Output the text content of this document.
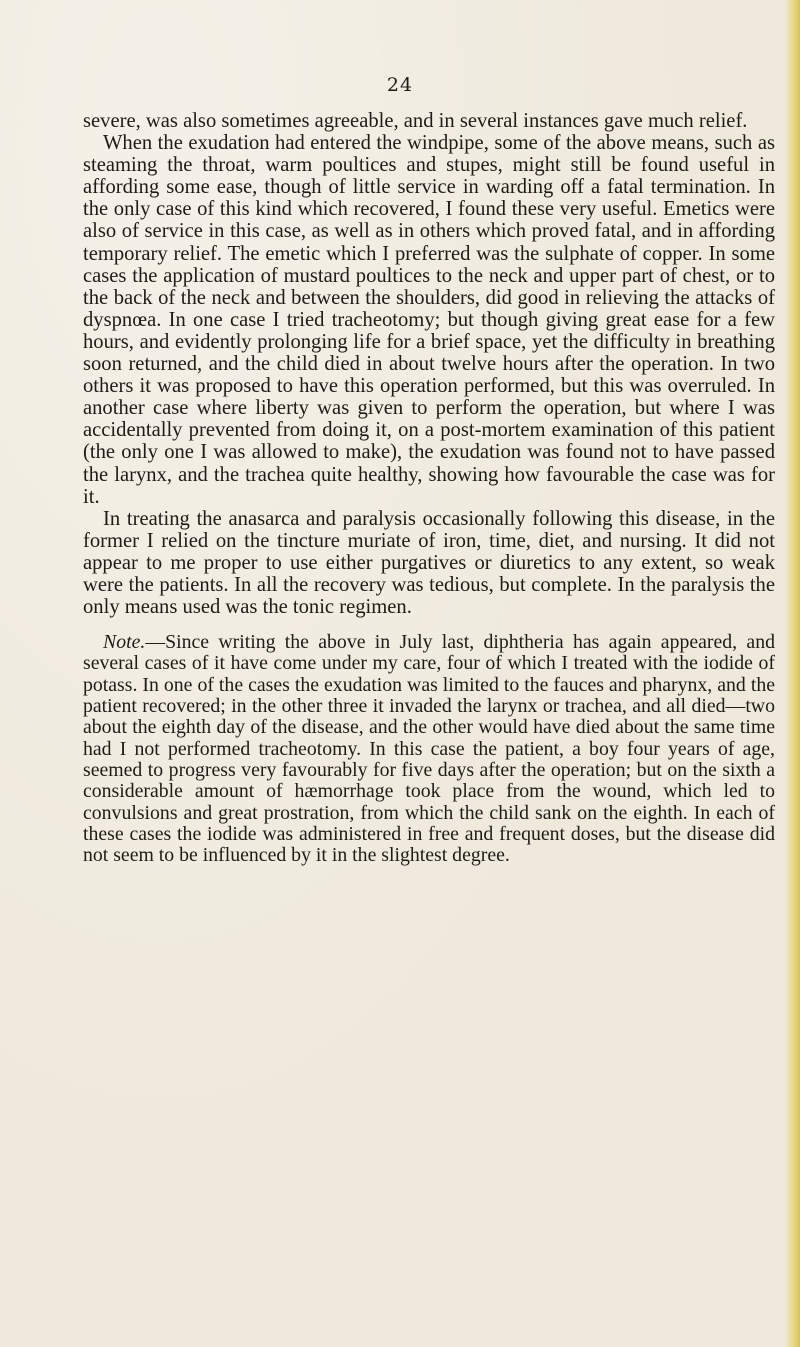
24

severe, was also sometimes agreeable, and in several instances gave much relief.

When the exudation had entered the windpipe, some of the above means, such as steaming the throat, warm poultices and stupes, might still be found useful in affording some ease, though of little service in warding off a fatal termination. In the only case of this kind which recovered, I found these very useful. Emetics were also of service in this case, as well as in others which proved fatal, and in affording temporary relief. The emetic which I preferred was the sulphate of copper. In some cases the application of mustard poultices to the neck and upper part of chest, or to the back of the neck and between the shoulders, did good in relieving the attacks of dyspnœa. In one case I tried tracheotomy; but though giving great ease for a few hours, and evidently prolonging life for a brief space, yet the difficulty in breathing soon returned, and the child died in about twelve hours after the operation. In two others it was proposed to have this operation performed, but this was overruled. In another case where liberty was given to perform the operation, but where I was accidentally prevented from doing it, on a post-mortem examination of this patient (the only one I was allowed to make), the exudation was found not to have passed the larynx, and the trachea quite healthy, showing how favourable the case was for it.

In treating the anasarca and paralysis occasionally following this disease, in the former I relied on the tincture muriate of iron, time, diet, and nursing. It did not appear to me proper to use either purgatives or diuretics to any extent, so weak were the patients. In all the recovery was tedious, but complete. In the paralysis the only means used was the tonic regimen.

Note.—Since writing the above in July last, diphtheria has again appeared, and several cases of it have come under my care, four of which I treated with the iodide of potass. In one of the cases the exudation was limited to the fauces and pharynx, and the patient recovered; in the other three it invaded the larynx or trachea, and all died—two about the eighth day of the disease, and the other would have died about the same time had I not performed tracheotomy. In this case the patient, a boy four years of age, seemed to progress very favourably for five days after the operation; but on the sixth a considerable amount of hæmorrhage took place from the wound, which led to convulsions and great prostration, from which the child sank on the eighth. In each of these cases the iodide was administered in free and frequent doses, but the disease did not seem to be influenced by it in the slightest degree.
